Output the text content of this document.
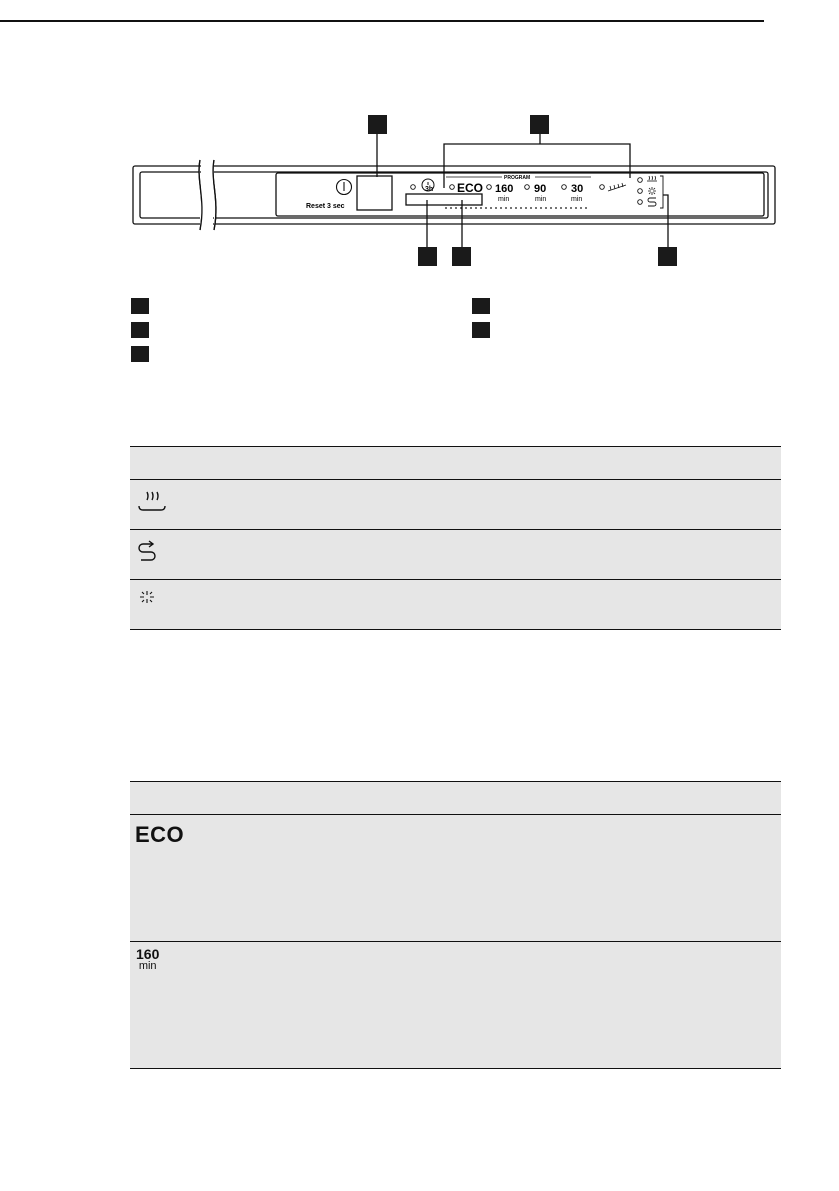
Reset 3 sec
3h
PROGRAM
ECO 160
min
90
min
30
min
ECO
160
min
